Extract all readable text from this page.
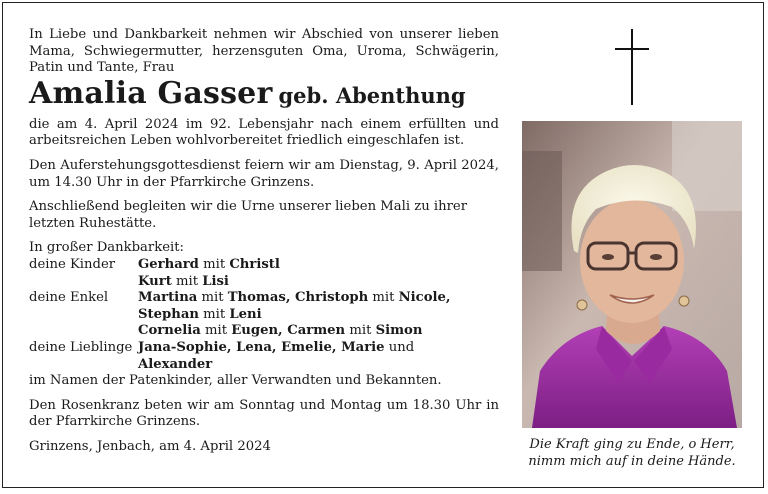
In Liebe und Dankbarkeit nehmen wir Abschied von unserer lieben Mama, Schwiegermutter, herzensguten Oma, Uroma, Schwägerin, Patin und Tante, Frau

Amalia Gasser geb. Abenthung

die am 4. April 2024 im 92. Lebensjahr nach einem erfüllten und arbeitsreichen Leben wohlvorbereitet friedlich eingeschlafen ist.

Den Auferstehungsgottesdienst feiern wir am Dienstag, 9. April 2024, um 14.30 Uhr in der Pfarrkirche Grinzens.

Anschließend begleiten wir die Urne unserer lieben Mali zu ihrer letzten Ruhestätte.

In großer Dankbarkeit:

deine Kinder	Gerhard mit Christl
Kurt mit Lisi
deine Enkel	Martina mit Thomas, Christoph mit Nicole,
Stephan mit Leni
Cornelia mit Eugen, Carmen mit Simon
deine Lieblinge Jana-Sophie, Lena, Emelie, Marie und
Alexander

im Namen der Patenkinder, aller Verwandten und Bekannten.

Den Rosenkranz beten wir am Sonntag und Montag um 18.30 Uhr in der Pfarrkirche Grinzens.

Grinzens, Jenbach, am 4. April 2024	Die Kraft ging zu Ende, o Herr,
nimm mich auf in deine Hände.
